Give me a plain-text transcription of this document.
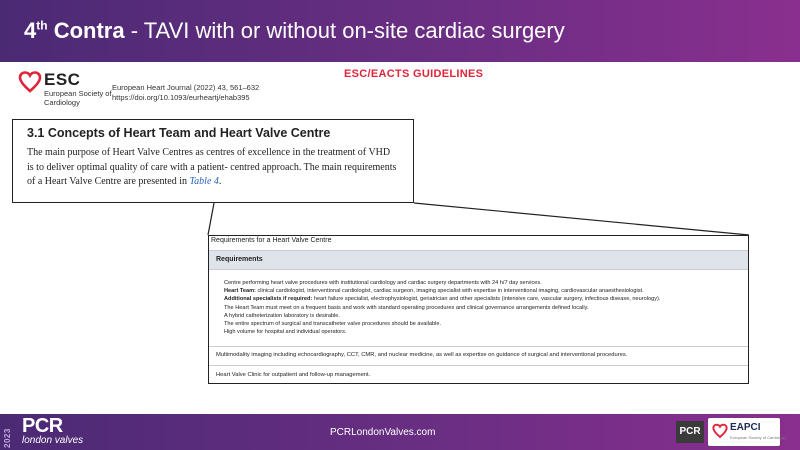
4th Contra - TAVI with or without on-site cardiac surgery
ESC
European Society of Cardiology
European Heart Journal (2022) 43, 561–632
https://doi.org/10.1093/eurheartj/ehab395
ESC/EACTS GUIDELINES
3.1 Concepts of Heart Team and Heart Valve Centre

The main purpose of Heart Valve Centres as centres of excellence in the treatment of VHD is to deliver optimal quality of care with a patient- centred approach. The main requirements of a Heart Valve Centre are presented in Table 4.

Requirements for a Heart Valve Centre
Requirements
Centre performing heart valve procedures with institutional cardiology and cardiac surgery departments with 24 h/7 day services.
Heart Team: clinical cardiologist, interventional cardiologist, cardiac surgeon, imaging specialist with expertise in interventional imaging, cardiovascular anaesthesiologist.
Additional specialists if required: heart failure specialist, electrophysiologist, geriatrician and other specialists (intensive care, vascular surgery, infectious disease, neurology).
The Heart Team must meet on a frequent basis and work with standard operating procedures and clinical governance arrangements defined locally.
A hybrid catheterization laboratory is desirable.
The entire spectrum of surgical and transcatheter valve procedures should be available.
High volume for hospital and individual operators.
Multimodality imaging including echocardiography, CCT, CMR, and nuclear medicine, as well as expertise on guidance of surgical and interventional procedures.
Heart Valve Clinic for outpatient and follow-up management.
2023
PCR
london valves
PCRLondonValves.com	PCR	EAPCI
European Society of Cardiology
